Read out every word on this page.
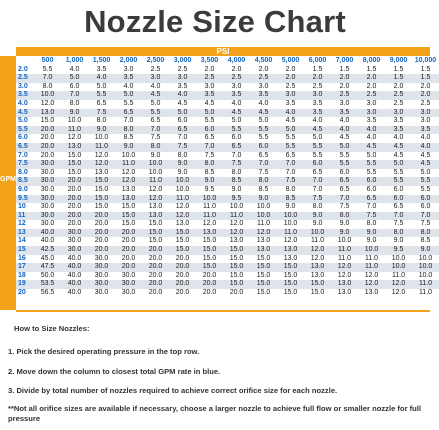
Nozzle Size Chart
PSI
GPM
	500	1,000	1,500	2,000	2,500	3,000	3,500	4,000	4,500	5,000	6,000	7,000	8,000	9,000	10,000
2.0	5.5	4.0	3.5	3.0	2.5	2.5	2.0	2.0	2.0	2.0	1.5	1.5	1.5	1.5	1.5
2.5	7.0	5.0	4.0	3.5	3.0	3.0	2.5	2.5	2.5	2.0	2.0	2.0	2.0	1.5	1.5
3.0	8.0	6.0	5.0	4.0	4.0	3.5	3.0	3.0	3.0	2.5	2.5	2.0	2.0	2.0	2.0
3.5	10.0	7.0	5.5	5.0	4.5	4.0	3.5	3.5	3.5	3.0	3.0	2.5	2.5	2.5	2.0
4.0	12.0	8.0	6.5	5.5	5.0	4.5	4.5	4.0	4.0	3.5	3.5	3.0	3.0	2.5	2.5
4.5	13.0	9.0	7.5	6.5	5.5	5.0	5.0	4.5	4.5	4.0	3.5	3.5	3.0	3.0	3.0
5.0	15.0	10.0	8.0	7.0	6.5	6.0	5.5	5.0	5.0	4.5	4.0	4.0	3.5	3.5	3.0
5.5	20.0	11.0	9.0	8.0	7.0	6.5	6.0	5.5	5.5	5.0	4.5	4.0	4.0	3.5	3.5
6.0	20.0	12.0	10.0	8.5	7.5	7.0	6.5	6.0	5.5	5.5	5.0	4.5	4.0	4.0	4.0
6.5	20.0	13.0	11.0	9.0	8.0	7.5	7.0	6.5	6.0	5.5	5.5	5.0	4.5	4.5	4.0
7.0	20.0	15.0	12.0	10.0	9.0	8.0	7.5	7.0	6.5	6.5	5.5	5.5	5.0	4.5	4.5
7.5	30.0	15.0	12.0	11.0	10.0	9.0	8.0	7.5	7.0	7.0	6.0	5.5	5.5	5.0	4.5
8.0	30.0	15.0	13.0	12.0	10.0	9.0	8.5	8.0	7.5	7.0	6.5	6.0	5.5	5.5	5.0
8.5	30.0	20.0	15.0	12.0	11.0	10.0	9.0	8.5	8.0	7.5	7.0	6.5	6.0	5.5	5.5
9.0	30.0	20.0	15.0	13.0	12.0	10.0	9.5	9.0	8.5	8.0	7.0	6.5	6.0	6.0	5.5
9.5	30.0	20.0	15.0	13.0	12.0	11.0	10.0	9.5	9.0	8.5	7.5	7.0	6.5	6.0	6.0
10	30.0	20.0	15.0	15.0	13.0	12.0	11.0	10.0	10.0	9.0	8.0	7.5	7.0	6.5	6.0
11	30.0	20.0	20.0	15.0	13.0	12.0	11.0	11.0	10.0	10.0	9.0	8.0	7.5	7.0	7.0
12	30.0	20.0	20.0	15.0	15.0	13.0	12.0	12.0	11.0	10.0	9.0	9.0	8.0	7.5	7.5
13	40.0	30.0	20.0	20.0	15.0	15.0	13.0	12.0	12.0	11.0	10.0	9.0	9.0	8.0	8.0
14	40.0	30.0	20.0	20.0	15.0	15.0	15.0	13.0	13.0	12.0	11.0	10.0	9.0	9.0	8.5
15	42.5	30.0	20.0	20.0	20.0	15.0	15.0	15.0	13.0	13.0	12.0	11.0	10.0	9.5	9.0
16	45.0	40.0	30.0	20.0	20.0	20.0	15.0	15.0	15.0	13.0	12.0	11.0	11.0	10.0	10.0
17	47.5	40.0	30.0	20.0	20.0	20.0	15.0	15.0	15.0	15.0	13.0	12.0	11.0	10.0	10.0
18	50.0	40.0	30.0	30.0	20.0	20.0	20.0	15.0	15.0	15.0	13.0	12.0	12.0	11.0	10.0
19	53.5	40.0	30.0	30.0	20.0	20.0	20.0	15.0	15.0	15.0	15.0	13.0	12.0	12.0	11.0
20	56.5	40.0	30.0	30.0	20.0	20.0	20.0	20.0	15.0	15.0	15.0	13.0	13.0	12.0	11.0

How to Size Nozzles:

1. Pick the desired operating pressure in the top row.

2. Move down the column to closest total GPM rate in blue.

3. Divide by total number of nozzles required to achieve correct orifice size for each nozzle.

**Not all orifice sizes are available if necessary, choose a larger nozzle to achieve full flow or smaller nozzle for full pressure
